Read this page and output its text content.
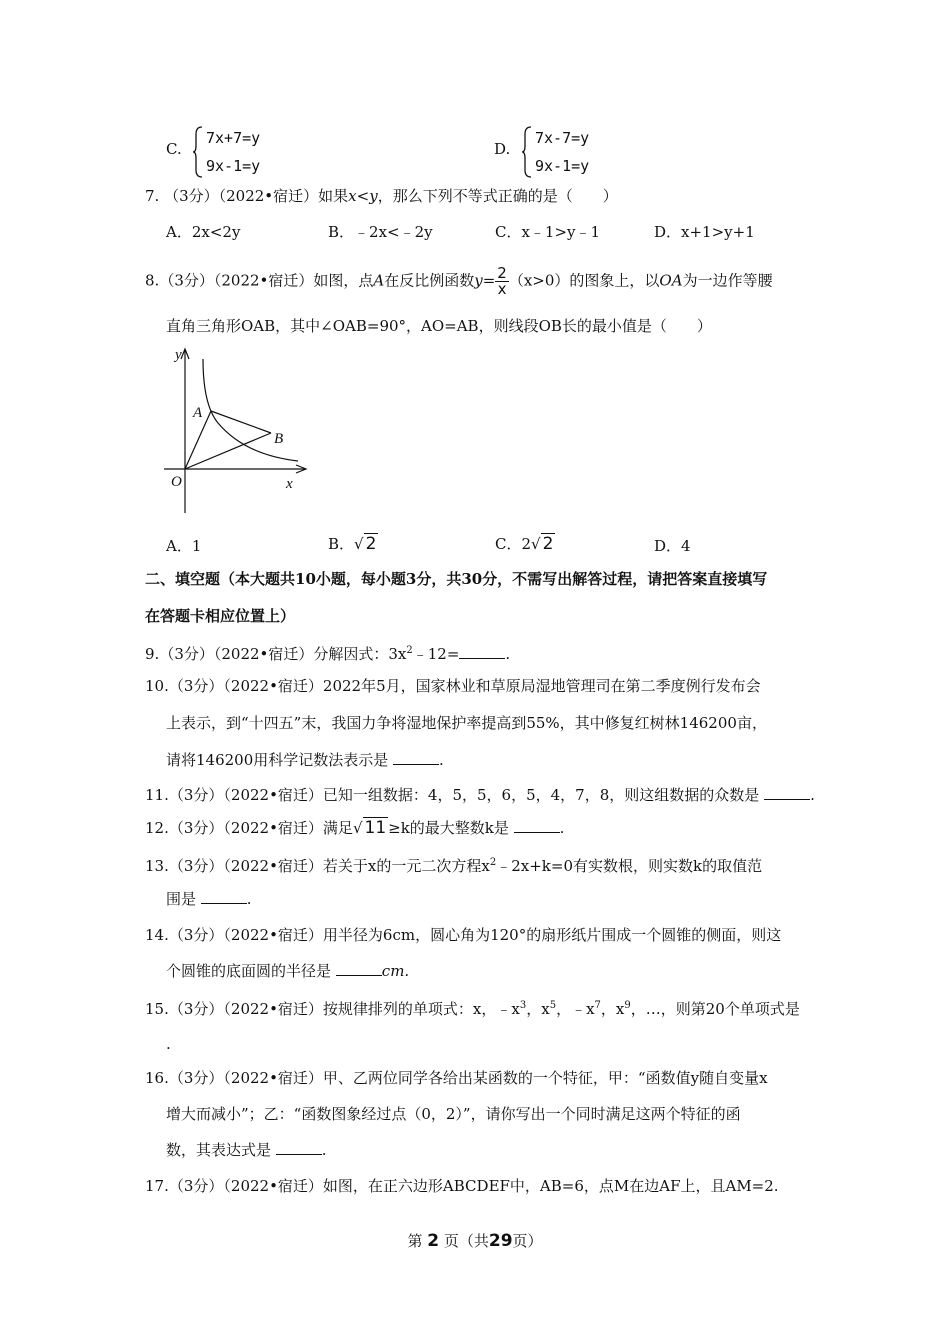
C.
7x+7=y
9x-1=y
D.
7x-7=y
9x-1=y
7. （3分）（2022•宿迁）如果x<y，那么下列不等式正确的是（　　）
A．2x<2y	B．﹣2x<﹣2y	C．x﹣1>y﹣1	D．x+1>y+1
8.（3分）（2022•宿迁）如图，点A在反比例函数$y= \frac{2}{x} (x>0)$的图象上，以OA为一边作等腰
直角三角形OAB，其中∠OAB=90°，AO=AB，则线段OB长的最小值是（　　）
y
x
O
A
B
A．1	B．√ 2	C．2√ 2	D．4
二、填空题（本大题共10小题，每小题3分，共30分，不需写出解答过程，请把答案直接填写
在答题卡相应位置上）
9.（3分）（2022•宿迁）分解因式：$3x^2﹣12=$	.
10.（3分）（2022•宿迁）2022年5月，国家林业和草原局湿地管理司在第二季度例行发布会
上表示，到“十四五”末，我国力争将湿地保护率提高到55%，其中修复红树林146200亩，
请将146200用科学记数法表示是	.
11.（3分）（2022•宿迁）已知一组数据：4，5，5，6，5，4，7，8，则这组数据的众数是	.
12.（3分）（2022•宿迁）满足√ 11 ≥k的最大整数k是	.
13.（3分）（2022•宿迁）若关于x的一元二次方程$x^2﹣2x+k=0$有实数根，则实数k的取值范
围是	.
14.（3分）（2022•宿迁）用半径为6cm，圆心角为120°的扇形纸片围成一个圆锥的侧面，则这
个圆锥的底面圆的半径是	cm.
15.（3分）（2022•宿迁）按规律排列的单项式：x，$﹣x^3$，$x^5$，$﹣x^7$，$x^9$，…，则第20个单项式是
.
16.（3分）（2022•宿迁）甲、乙两位同学各给出某函数的一个特征，甲：“函数值y随自变量x
增大而减小”；乙：“函数图象经过点（0，2）”，请你写出一个同时满足这两个特征的函
数，其表达式是	.
17.（3分）（2022•宿迁）如图，在正六边形ABCDEF中，AB=6，点M在边AF上，且AM=2.
第 2 页（共29页）
